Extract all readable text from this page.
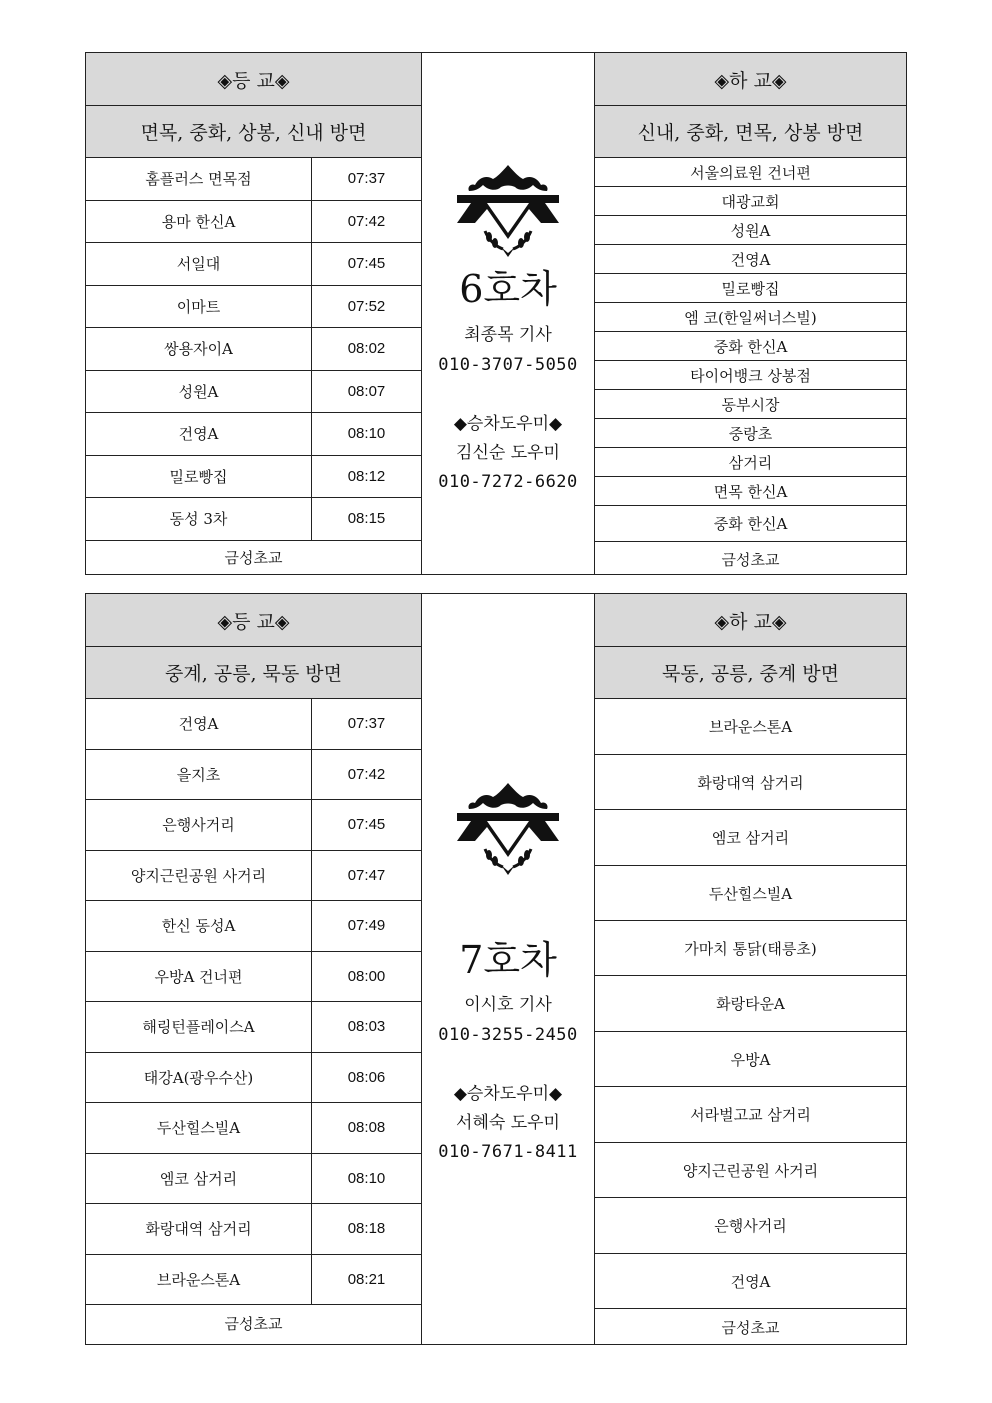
◈등 교◈
면목, 중화, 상봉, 신내 방면
홈플러스 면목점	07:37
용마 한신A	07:42
서일대	07:45
이마트	07:52
쌍용자이A	08:02
성원A	08:07
건영A	08:10
밀로빵집	08:12
동성 3차	08:15
금성초교
6호차
최종목 기사
010-3707-5050
◆승차도우미◆
김신순 도우미
010-7272-6620
◈하 교◈
신내, 중화, 면목, 상봉 방면
서울의료원 건너편
대광교회
성원A
건영A
밀로빵집
엠 코(한일써너스빌)
중화 한신A
타이어뱅크 상봉점
동부시장
중랑초
삼거리
면목 한신A
중화 한신A
금성초교
◈등 교◈
중계, 공릉, 묵동 방면
건영A	07:37
을지초	07:42
은행사거리	07:45
양지근린공원 사거리	07:47
한신 동성A	07:49
우방A 건너편	08:00
해링턴플레이스A	08:03
태강A(광우수산)	08:06
두산힐스빌A	08:08
엠코 삼거리	08:10
화랑대역 삼거리	08:18
브라운스톤A	08:21
금성초교
7호차
이시호 기사
010-3255-2450
◆승차도우미◆
서혜숙 도우미
010-7671-8411
◈하 교◈
묵동, 공릉, 중계 방면
브라운스톤A
화랑대역 삼거리
엠코 삼거리
두산힐스빌A
가마치 통닭(태릉초)
화랑타운A
우방A
서라벌고교 삼거리
양지근린공원 사거리
은행사거리
건영A
금성초교
